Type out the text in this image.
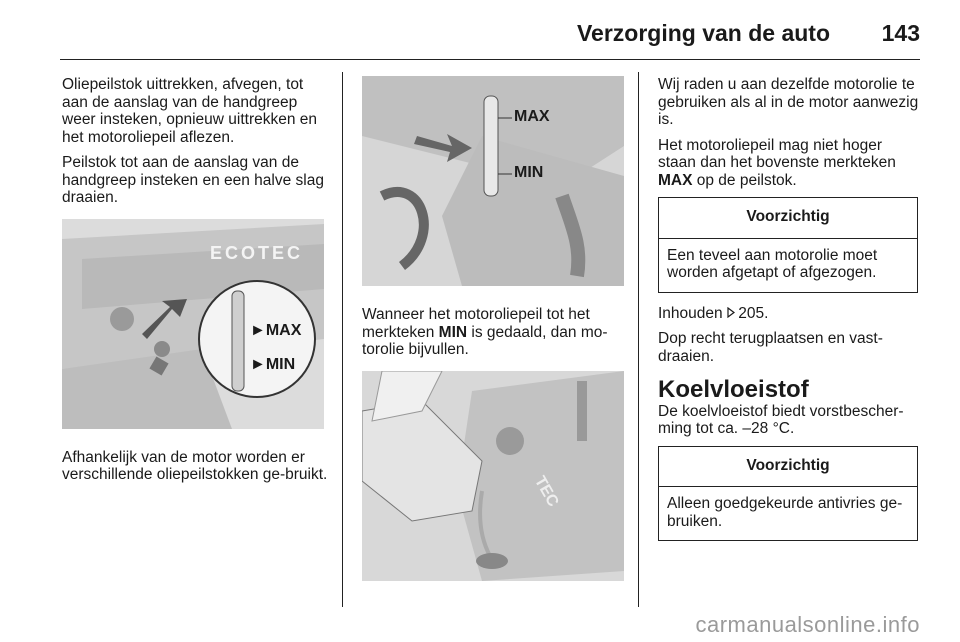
Verzorging van de auto 143

Oliepeilstok uittrekken, afvegen, tot aan de aanslag van de handgreep weer insteken, opnieuw uittrekken en het motoroliepeil aflezen.

Peilstok tot aan de aanslag van de handgreep insteken en een halve slag draaien.

ECOTEC
►MAX
►MIN

Afhankelijk van de motor worden er verschillende oliepeilstokken ge-bruikt.

MAX
MIN

Wanneer het motoroliepeil tot het merkteken MIN is gedaald, dan mo-torolie bijvullen.

TEC

Wij raden u aan dezelfde motorolie te gebruiken als al in de motor aanwezig is.

Het motoroliepeil mag niet hoger staan dan het bovenste merkteken MAX op de peilstok.

Voorzichtig
Een teveel aan motorolie moet worden afgetapt of afgezogen.

Inhouden
205.

Dop recht terugplaatsen en vast-draaien.

Koelvloeistof

De koelvloeistof biedt vorstbescher-ming tot ca. –28 °C.

Voorzichtig
Alleen goedgekeurde antivries ge-bruiken.
carmanualsonline.info
